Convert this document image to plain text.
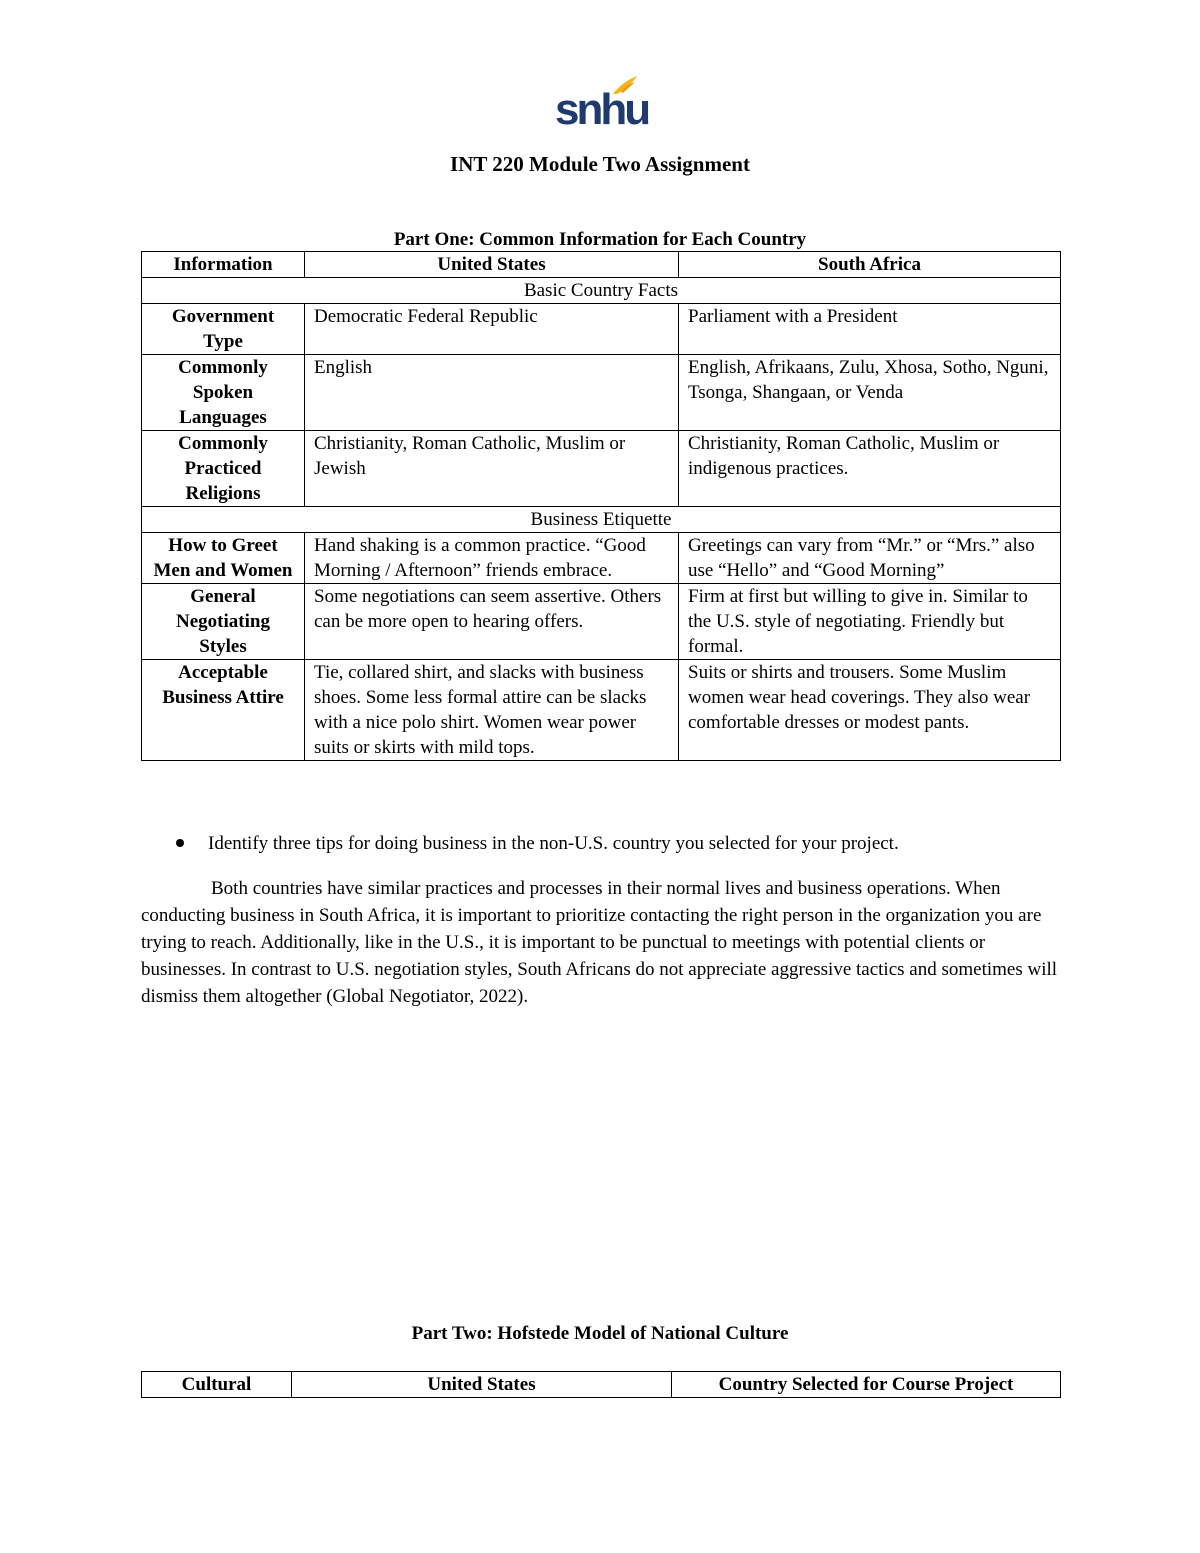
snhu
INT 220 Module Two Assignment
Part One: Common Information for Each Country
Information	United States	South Africa
Basic Country Facts		
Government Type	Democratic Federal Republic	Parliament with a President
Commonly Spoken Languages	English	English, Afrikaans, Zulu, Xhosa, Sotho, Nguni, Tsonga, Shangaan, or Venda
Commonly Practiced Religions	Christianity, Roman Catholic, Muslim or Jewish	Christianity, Roman Catholic, Muslim or indigenous practices.
Business Etiquette		
How to Greet Men and Women	Hand shaking is a common practice. “Good Morning / Afternoon” friends embrace.	Greetings can vary from “Mr.” or “Mrs.” also use “Hello” and “Good Morning”
General Negotiating Styles	Some negotiations can seem assertive. Others can be more open to hearing offers.	Firm at first but willing to give in. Similar to the U.S. style of negotiating. Friendly but formal.
Acceptable Business Attire	Tie, collared shirt, and slacks with business shoes. Some less formal attire can be slacks with a nice polo shirt. Women wear power suits or skirts with mild tops.	Suits or shirts and trousers. Some Muslim women wear head coverings. They also wear comfortable dresses or modest pants.
Identify three tips for doing business in the non-U.S. country you selected for your project.
Both countries have similar practices and processes in their normal lives and business operations. When conducting business in South Africa, it is important to prioritize contacting the right person in the organization you are trying to reach. Additionally, like in the U.S., it is important to be punctual to meetings with potential clients or businesses. In contrast to U.S. negotiation styles, South Africans do not appreciate aggressive tactics and sometimes will dismiss them altogether (Global Negotiator, 2022).
Part Two: Hofstede Model of National Culture
Cultural	United States	Country Selected for Course Project
